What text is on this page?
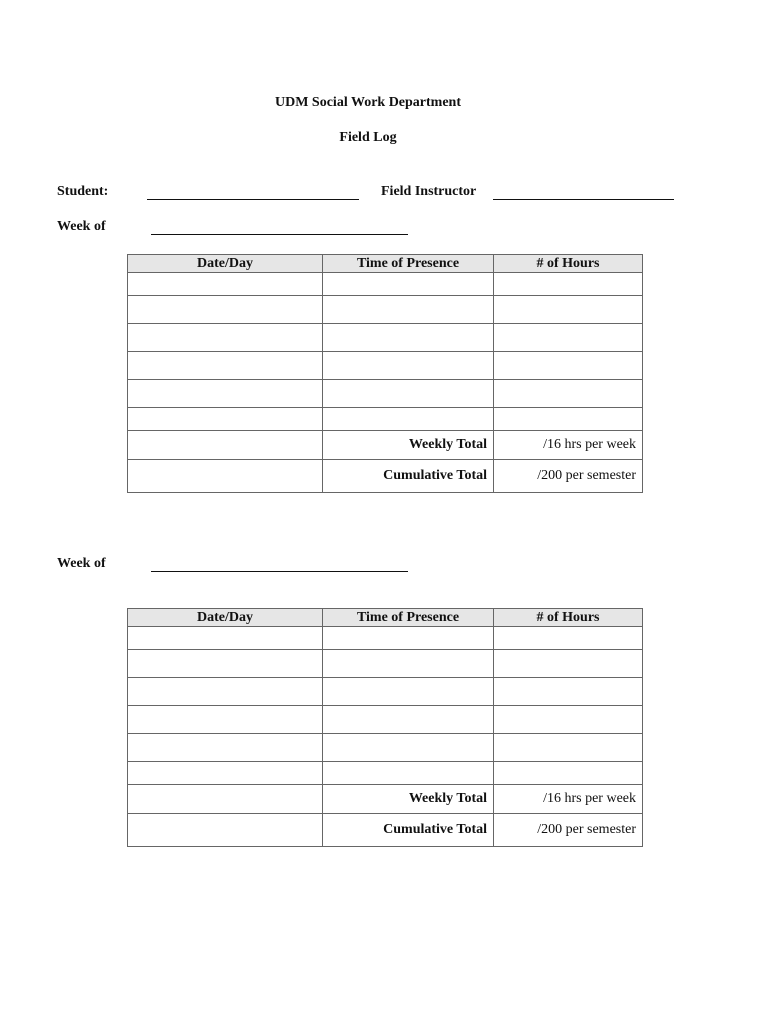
UDM Social Work Department
Field Log
Student:	Field Instructor
Week of
Date/Day	Time of Presence	# of Hours

	Weekly Total	/16 hrs per week
	Cumulative Total	/200 per semester
Week of
Date/Day	Time of Presence	# of Hours

	Weekly Total	/16 hrs per week
	Cumulative Total	/200 per semester
